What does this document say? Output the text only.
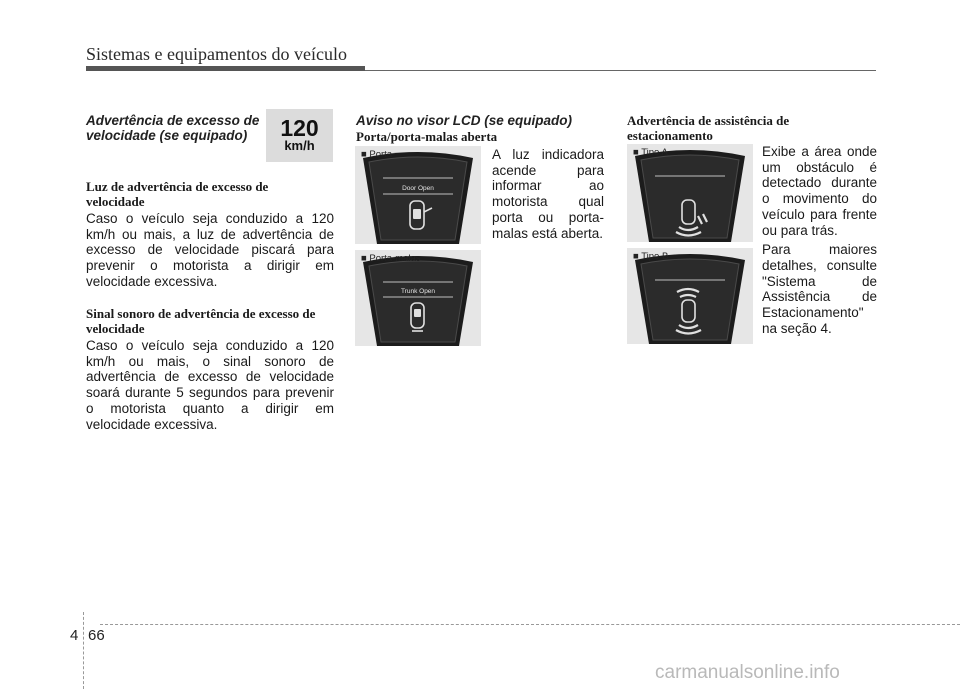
Sistemas e equipamentos do veículo
Advertência de excesso de
velocidade (se equipado)	120
km/h
Luz de advertência de excesso de
velocidade
Caso o veículo seja conduzido a 120
km/h ou mais, a luz de advertência de
excesso de velocidade piscará para
prevenir o motorista a dirigir em
velocidade excessiva.
Sinal sonoro de advertência de excesso de
velocidade
Caso o veículo seja conduzido a 120
km/h ou mais, o sinal sonoro de
advertência de excesso de velocidade
soará durante 5 segundos para prevenir
o motorista quanto a dirigir em
velocidade excessiva.
Aviso no visor LCD (se equipado)
Porta/porta-malas aberta
Door Open
■ Porta
Trunk Open
■ Porta-malas
A luz indicadora
acende para
informar ao
motorista qual
porta ou porta-
malas está aberta.
Advertência de assistência de
estacionamento
■ Tipo A
■ Tipo B
Exibe a área onde
um obstáculo é
detectado durante
o movimento do
veículo para frente
ou para trás.
Para maiores
detalhes, consulte
"Sistema de
Assistência de
Estacionamento"
na seção 4.
4 66
carmanualsonline.info
